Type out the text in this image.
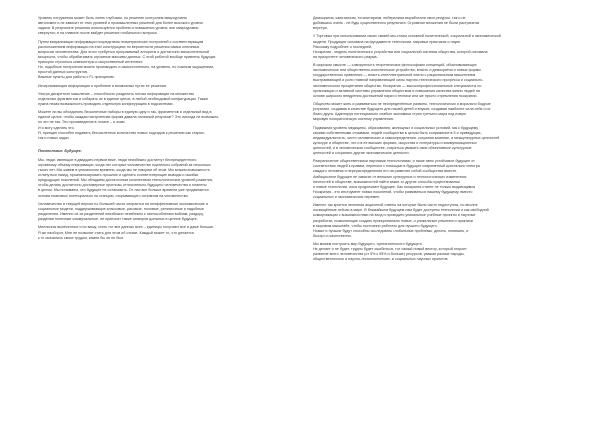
Уровень погружения может быть очень глубоким, но решение контролем микроуровня
автономно и не зависит от этих уровней и промышленных решений для более высокого уровня
задачи. В результате решения используются проблем и повышения уровня, все микроуровни
сверхуток; и на главное после выйдет решение глобального вопроса.
Путем визуализации информации посредством геометрических построений с соответствующим
расположением информации на этих конструкциях по вероятности решения самых ключевых
вопросов человечества. Для этого требуется программный алгоритм и достаточно вычислительной
мощности, чтобы обрабатывать огромные массивы данных. С этой работой вообще привлечь будущих
прикорно строиться компьютеры и искусственный интеллект.
Но, подобные построения можно производить и самостоятельно, на уровень, по ложным ощущениям,
простой данных конструктов.
Важные пункты для работы с FL принципом:
Исчерпывающая информация о проблеме и возможных путях ее решения.
Ультра дискретное мышление – способность разделить потоки информации на множество
отдельных фрагментов и собирать их в единое целое, в любой необходимой конфигурации. Также
нужна некая возможность проводить отдельную конфигурацию в подсистемах.
Можете ли вы объединить бесконечные наборы в единую одну и так, фрагментов и отдельный вид в
единое целое, чтобы каждая настроенная форма давала полезный результат? Это никогда не возможно,
но это не так. Это произведения в логике – я знаю.
И я могу сделать это.
Я, принцип способен подавать бесчисленное количество новых подходов к решению как старых,
так и новых задач.
Послесловие. Будущее.
Мы, люди, имеющие в двадцать первом веке, люди неизбежно достигнут беспрецедентного
огромному объему информации, когда нет которые человечество тщательно собраний за несколько
тысяч лет. Мы живем в уникальном времени, когда мы не говорим об этом. Мы можем возможность
оглянуться назад, проанализировать прошлое и сделать соответствующие выводы и ошибки
предыдущих поколений. Мы обладаем достаточным количеством технологических уровней развития,
чтобы делать достаточно достоверные прогнозы относительно будущего человечества и планеты
в целом. Мы понимаем, что будущее не остановить. От нас все больше времени уже продвигается
основа плановых потенциально на станцию, открывающего основном на человечество.
Человечество в текущей версии по большей части опирается на неэффективные экономические и
социальные модели, поддерживающие классовые, расовые, половые, религиозные и надобные
разделения. Именно из за разделений неизбежно неизбежно к ниспособлению войнам, раздору,
разделяя полезные коммунальные, не приносят также затворов должных в ценное будущее.
Миллионы вынесенных и по вашу, стать тот все данных всех – единицы получают все и даже больше.
Я же наоборот, Мне не позволит стать для этом об отказе. Каждый может то, что делается
к то оказались своих трудом, камни бы он не был.
Демократия, капитализм, тоталитаризм, либерализм выработали свои ресурсы, так и не
добившись очень - не будь существенного результата. Огромные вложения не были растрачены
впустую.
У Торговых при использовании своих связей мы стоим основной политической, социальной и экономической
модели. Продукции основана на фундаменте технологии, мировых практиках и науке.
Расскажу подробнее о последней.
Ноократия - модель политического устройства или социальной системы общества, которой основана
на приоритете человеческого разума.
В широком смысле — совокупность теоретических философских концепций, обосновывающих
экономическое или общественно-политическое устройство, власть и демократии и новые формы
государственного правления — власть интеллектуальной элиты с рациональным мышлением
выстраивающей и роли главной направляющей силы научно-технического прогресса и социально-
экономического процветания общества. Ноократия — высокопрофессиональные специалисты по
организации и активной системы управления обществом и повышения качества жизни людей на
основе широкого внедрения достижений науки и техники или же просто стремления ноократии.
Общество может жить и развиваться не неопределённые развиты, технологически и морально бодрые
устремил, создавая в качестве будущего для нашей детей и внуков, создавая наиболее сила себя и их
благо друга. Адаптируя потенциально слабые экономики стран третьего мира под новую
мировую ноократическую систему управления.
Подвижная уровень медицины, образования, жилищных и социальных условий, мы к будущему
своими собственными отзывами, людей сообщества в целом быть сопряжение в 5 и приведущих,
индивидуальность, чисто человеческих и самоопределения, сохраняя влияние, и межкультурных ценностей
культуре и обществе, что и в ее высших формах, искусства и литературы и коммуникационных
ценностей, и в человеческом сообществе, стараться уважать свои объективные культурные
ценностей и сохранять другие экономические ценности.
Разграничение общественными научными технологиями, и наше явно устойчивое будущее от
соответствия людей к правам, перенося с помощью в будущее современной кристально спектра
каждого человека и перераспределения его на развитие собой сообщества вместе.
Амбициозное будущее не зависит от внешних культурных и технологических изменениях
личностей в обществе, возможностей найти какие-то другие способы существования
и новые технологии, пока продолжают будущее. Как ноократия станет не только выдающимся
Ноократия - это инструмент новых поколений, чтобы развиваться нашему будущему, вместо
социальных и экономических перемен.
Именно так кроется лелеяния акционной ответы на которые были часто недоступны, но вполне
посвящённые сейчас в мире. В ближайшем будущем нам будет доступны технологии и как свободной
коммуникации с возможностями на вход и проводить уникальные учебные проекты и научные
разработки, позволяющие создать принципиально новые, и уникальные решения и практики
в мировом масштабе, чтобы постоянно работать для лучшего будущего.
Новые и лучшие будут способны исследовать глобальные проблемы, делать, понимать, и
быстро и качественно.
Мы можем построить мир будущего, притягательного будущего.
Не делает и не будет, трудно будет ошибиться, тот самый новый вектор, который откроет
развитие всего человечества (от 5% к 95% и больше) ресурсов, уважая разные народы,
общественностью и научно-технологических, и социальных научных проектов.
